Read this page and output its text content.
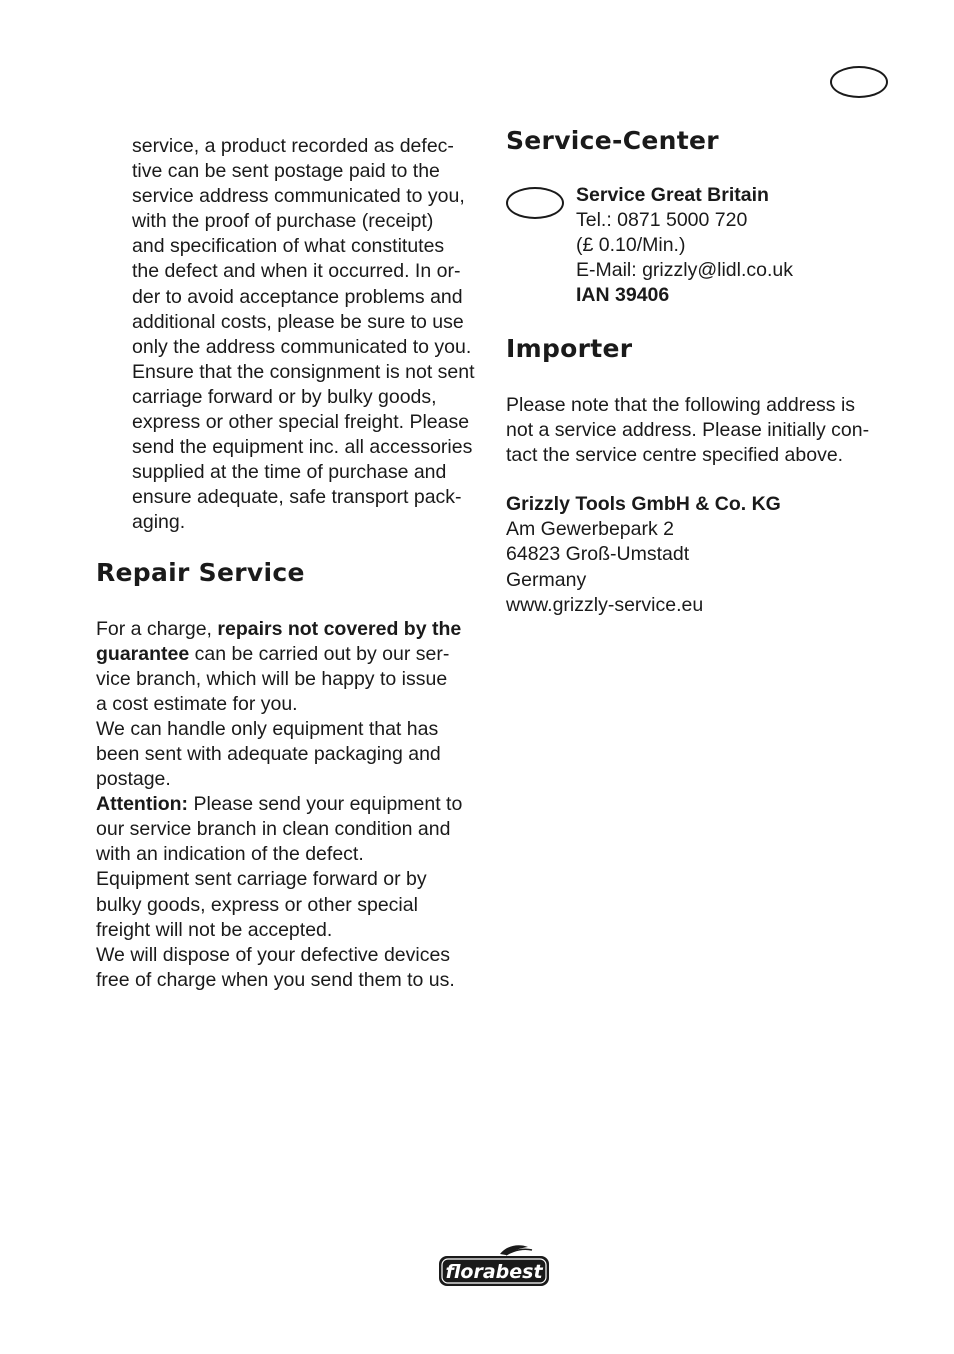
service, a product recorded as defec-
tive can be sent postage paid to the
service address communicated to you,
with the proof of purchase (receipt)
and specification of what constitutes
the defect and when it occurred. In or-
der to avoid acceptance problems and
additional costs, please be sure to use
only the address communicated to you.
Ensure that the consignment is not sent
carriage forward or by bulky goods,
express or other special freight. Please
send the equipment inc. all accessories
supplied at the time of purchase and
ensure adequate, safe transport pack-
aging.

Repair Service

For a charge, repairs not covered by the
guarantee can be carried out by our ser-
vice branch, which will be happy to issue
a cost estimate for you.

We can handle only equipment that has
been sent with adequate packaging and
postage.

Attention: Please send your equipment to
our service branch in clean condition and
with an indication of the defect.

Equipment sent carriage forward or by
bulky goods, express or other special
freight will not be accepted.

We will dispose of your defective devices
free of charge when you send them to us.

Service-Center
Service Great Britain
Tel.: 0871 5000 720
(£ 0.10/Min.)
E-Mail: grizzly@lidl.co.uk
IAN 39406
Importer

Please note that the following address is
not a service address. Please initially con-
tact the service centre specified above.

Grizzly Tools GmbH & Co. KG
Am Gewerbepark 2
64823 Groß-Umstadt
Germany
www.grizzly-service.eu
florabest
